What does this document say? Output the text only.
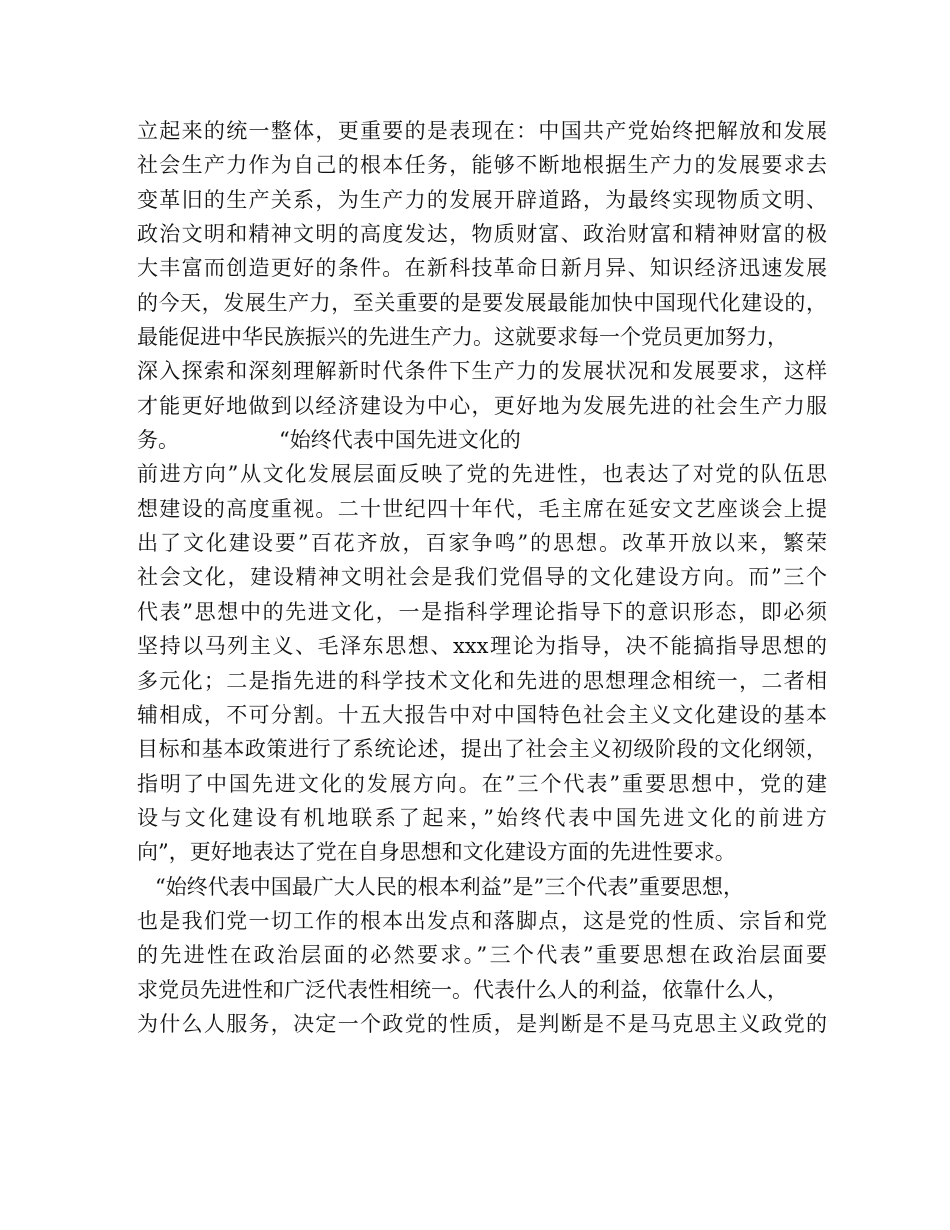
立起来的统一整体，更重要的是表现在：中国共产党始终把解放和发展
社会生产力作为自己的根本任务，能够不断地根据生产力的发展要求去
变革旧的生产关系，为生产力的发展开辟道路，为最终实现物质文明、
政治文明和精神文明的高度发达，物质财富、政治财富和精神财富的极
大丰富而创造更好的条件。在新科技革命日新月异、知识经济迅速发展
的今天，发展生产力，至关重要的是要发展最能加快中国现代化建设的，
最能促进中华民族振兴的先进生产力。这就要求每一个党员更加努力，
深入探索和深刻理解新时代条件下生产力的发展状况和发展要求，这样
才能更好地做到以经济建设为中心，更好地为发展先进的社会生产力服
务。	“始终代表中国先进文化的
前进方向”从文化发展层面反映了党的先进性，也表达了对党的队伍思
想建设的高度重视。二十世纪四十年代，毛主席在延安文艺座谈会上提
出了文化建设要”百花齐放，百家争鸣”的思想。改革开放以来，繁荣
社会文化，建设精神文明社会是我们党倡导的文化建设方向。而”三个
代表”思想中的先进文化，一是指科学理论指导下的意识形态，即必须
坚持以马列主义、毛泽东思想、xxx理论为指导，决不能搞指导思想的
多元化；二是指先进的科学技术文化和先进的思想理念相统一，二者相
辅相成，不可分割。十五大报告中对中国特色社会主义文化建设的基本
目标和基本政策进行了系统论述，提出了社会主义初级阶段的文化纲领，
指明了中国先进文化的发展方向。在”三个代表”重要思想中，党的建
设与文化建设有机地联系了起来，”始终代表中国先进文化的前进方
向”，更好地表达了党在自身思想和文化建设方面的先进性要求。
“始终代表中国最广大人民的根本利益”是”三个代表”重要思想，
也是我们党一切工作的根本出发点和落脚点，这是党的性质、宗旨和党
的先进性在政治层面的必然要求。”三个代表”重要思想在政治层面要
求党员先进性和广泛代表性相统一。代表什么人的利益，依靠什么人，
为什么人服务，决定一个政党的性质，是判断是不是马克思主义政党的
